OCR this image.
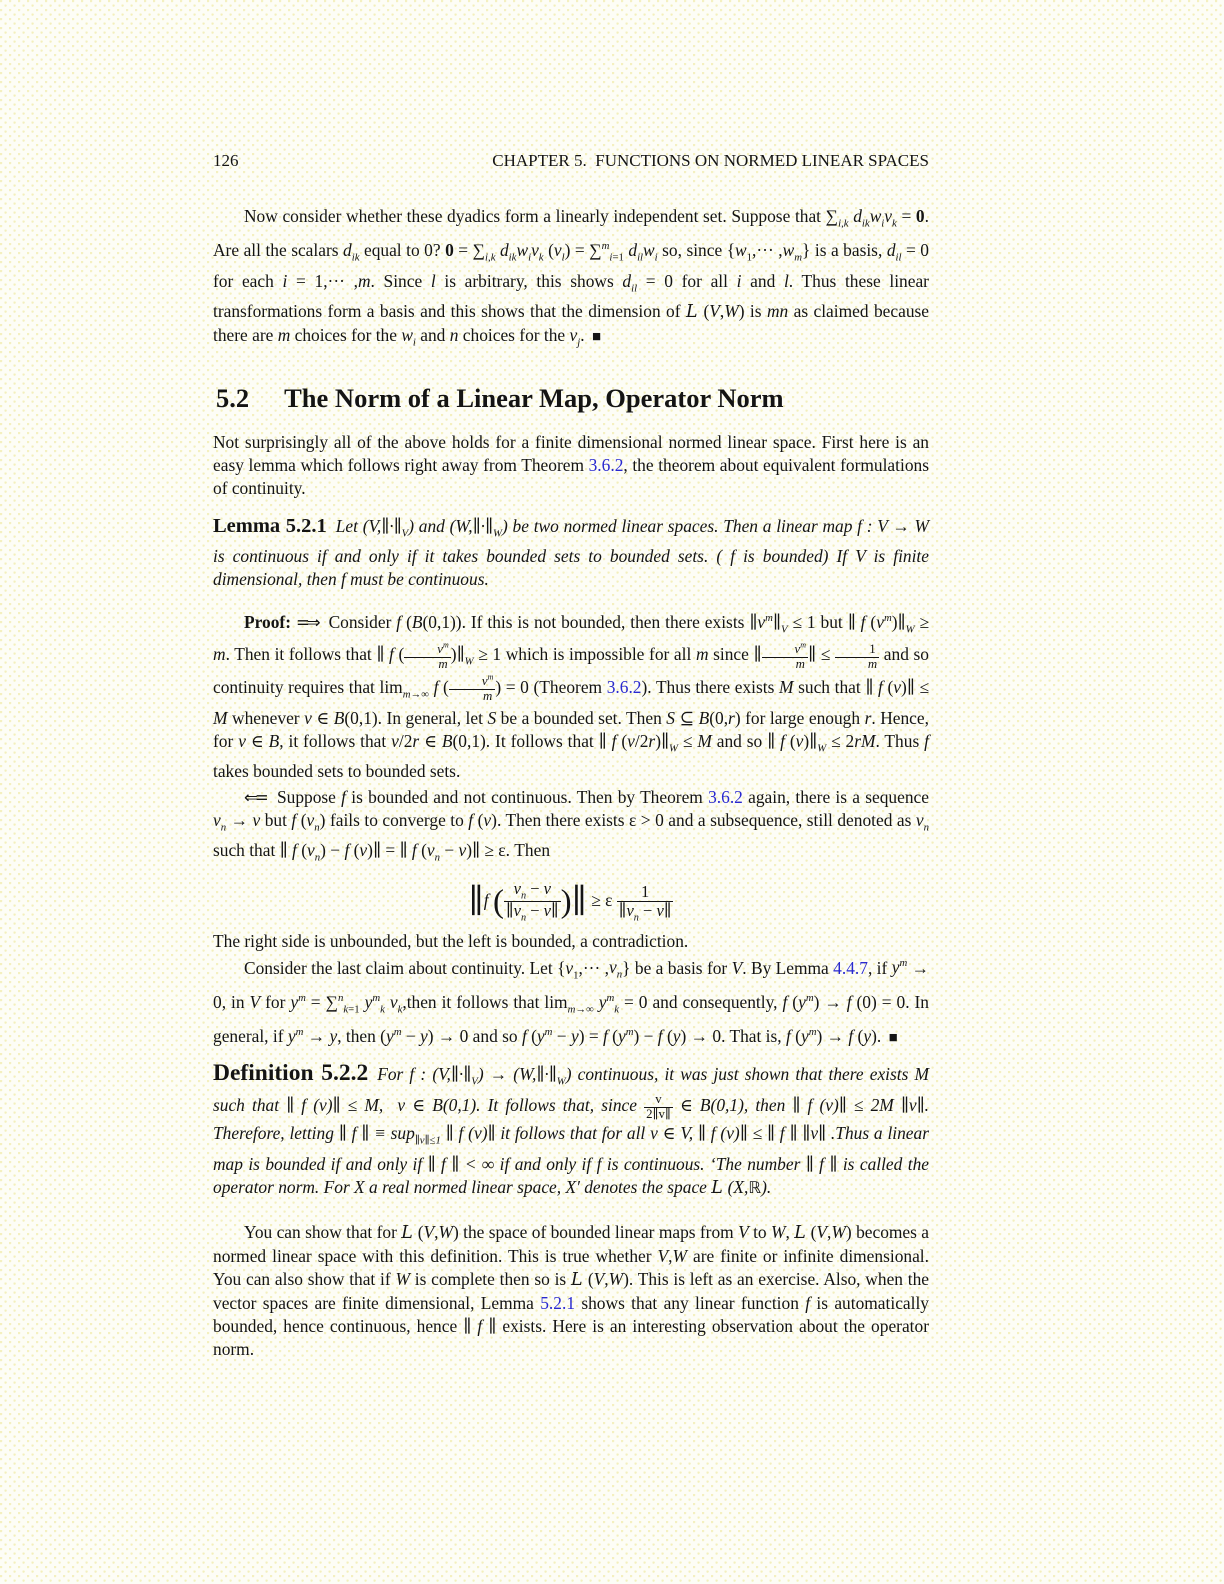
126	CHAPTER 5.  FUNCTIONS ON NORMED LINEAR SPACES

Now consider whether these dyadics form a linearly independent set. Suppose that $\sum_{i,k}$ $d_{ik}w_iv_k = 0$. Are all the scalars $d_{ik}$ equal to 0? $0 = \sum_{i,k}$ $d_{ik}w_iv_k$ $(v_l) = \sum^m_{i=1}$ $d_{il}w_i$ so, since $\{w_1,\cdot\cdot\cdot ,w_m\}$ is a basis, $d_{il} = 0$ for each i = 1,··· ,m. Since l is arbitrary, this shows $d_{il} = 0$ for all i and l. Thus these linear transformations form a basis and this shows that the dimension of L (V,W) is mn as claimed because there are m choices for the $w_i$ and n choices for the $v_j$. ■

5.2 The Norm of a Linear Map, Operator Norm

Not surprisingly all of the above holds for a finite dimensional normed linear space. First here is an easy lemma which follows right away from Theorem 3.6.2, the theorem about equivalent formulations of continuity.

Lemma 5.2.1 Let $(V,\parallel\cdot\parallel_V)$ and $(W,\parallel\cdot\parallel_W)$ be two normed linear spaces. Then a linear map f : V → W is continuous if and only if it takes bounded sets to bounded sets. ( f is bounded) If V is finite dimensional, then f must be continuous.

Proof: =⇒ Consider f (B(0,1)). If this is not bounded, then there exists $\parallel v^m\parallel_V \le 1$ but ∥ f $(v^m)\parallel_W \ge m$. Then it follows that ∥ f ( $\frac{v^m}{m}$ )$\parallel_W \ge 1$ which is impossible for all m since ∥ $\frac{v^m}{m}$ ∥ ≤ $\frac{1}{m}$ and so continuity requires that $\lim_{m\to\infty} f$ ( $\frac{v^m}{m}$ ) = 0 (Theorem 3.6.2). Thus there exists M such that ∥ f (v)∥ ≤ M whenever v ∈ B(0,1). In general, let S be a bounded set. Then S ⊆ B(0,r) for large enough r. Hence, for v ∈ B, it follows that v/2r ∈ B(0,1). It follows that ∥ f $(v/2r)\parallel_W \le M$ and so ∥ f $(v)\parallel_W \le 2rM$. Thus f takes bounded sets to bounded sets.

⇐= Suppose f is bounded and not continuous. Then by Theorem 3.6.2 again, there is a sequence $v_n \to v$ but f $(v_n)$ fails to converge to f (v). Then there exists ε > 0 and a subsequence, still denoted as $v_n$ such that ∥ f $(v_n) - f$ (v)∥ = ∥ f ($v_n$ − v)∥ ≥ ε. Then

∥f ( $\frac{v_n - v}{\parallel v_n - v\parallel}$ )∥ ≥ ε $\frac{1}{\parallel v_n - v\parallel}$

The right side is unbounded, but the left is bounded, a contradiction.

Consider the last claim about continuity. Let $\{v_1,\cdot\cdot\cdot ,v_n\}$ be a basis for V. By Lemma 4.4.7, if $y^m \to 0$, in V for $y^m = \sum^n_{k=1}$ $y^m_k$ $v_k,then$ it follows that $\lim_{m\to\infty} y^m_k = 0$ and consequently, f $(y^m) \to f$ (0) = 0. In general, if $y^m \to y$, then $(y^m - y) \to 0$ and so f $(y^m - y) = f$ $(y^m) - f$ (y) → 0. That is, f $(y^m) \to f$ (y). ■

Definition 5.2.2 For f : $(V,\parallel\cdot\parallel_V)$ → $(W,\parallel\cdot\parallel_W)$ continuous, it was just shown that there exists M such that ∥ f (v)∥ ≤ M,  v ∈ B(0,1). It follows that, since $\frac{v}{2\parallel v\parallel}$ ∈ B(0,1), then ∥ f (v)∥ ≤ 2M ∥v∥. Therefore, letting ∥ f ∥ ≡ sup$_{\parallel v\parallel\le 1}$ ∥ f (v)∥ it follows that for all v ∈ V, ∥ f (v)∥ ≤ ∥ f ∥ ∥v∥ .Thus a linear map is bounded if and only if ∥ f ∥ < ∞ if and only if f is continuous. ‘The number ∥ f ∥ is called the operator norm. For X a real normed linear space, X′ denotes the space L (X,ℝ).

You can show that for L (V,W) the space of bounded linear maps from V to W, L (V,W) becomes a normed linear space with this definition. This is true whether V,W are finite or infinite dimensional. You can also show that if W is complete then so is L (V,W). This is left as an exercise. Also, when the vector spaces are finite dimensional, Lemma 5.2.1 shows that any linear function f is automatically bounded, hence continuous, hence ∥ f ∥ exists. Here is an interesting observation about the operator norm.
